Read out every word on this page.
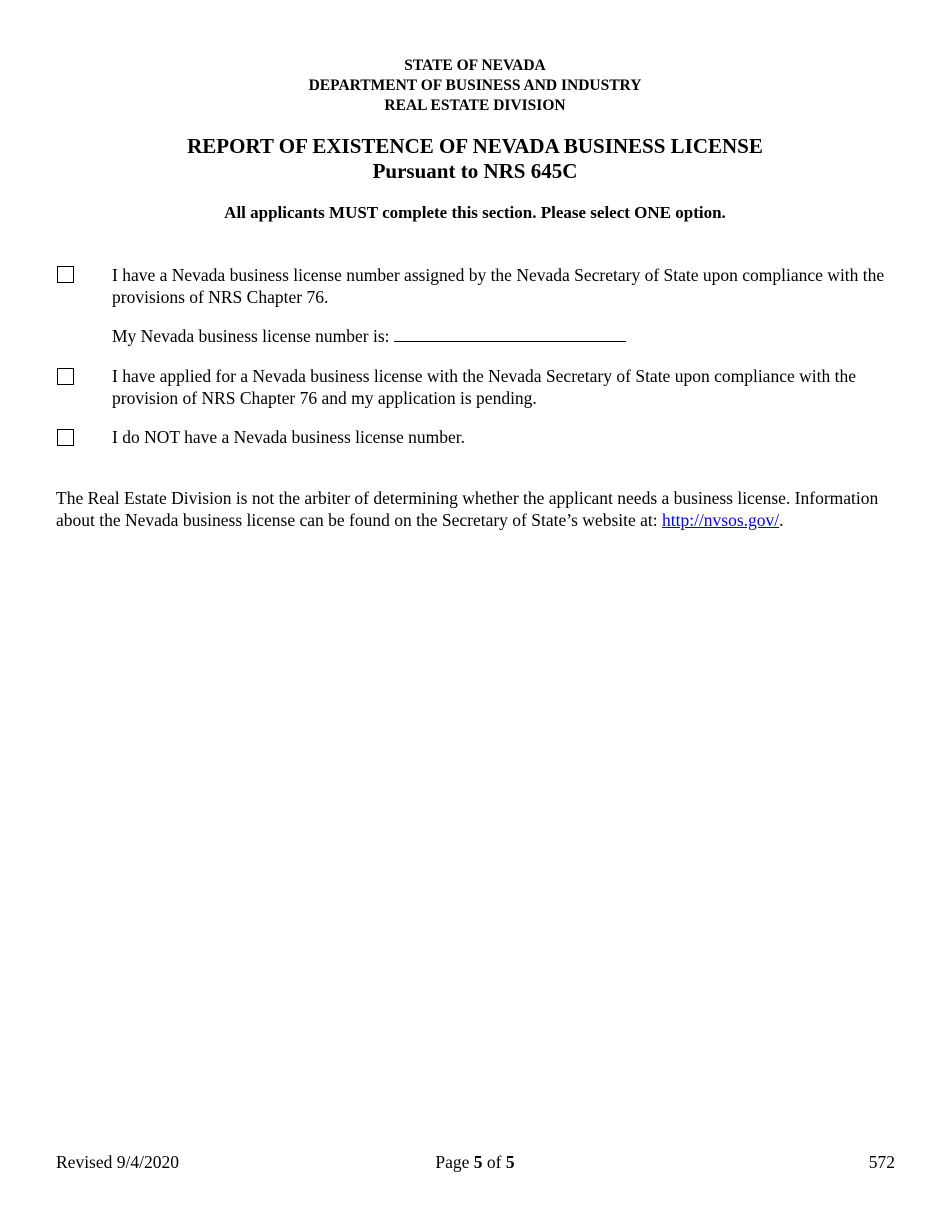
STATE OF NEVADA
DEPARTMENT OF BUSINESS AND INDUSTRY
REAL ESTATE DIVISION
REPORT OF EXISTENCE OF NEVADA BUSINESS LICENSE
Pursuant to NRS 645C
All applicants MUST complete this section. Please select ONE option.
I have a Nevada business license number assigned by the Nevada Secretary of State upon compliance with the provisions of NRS Chapter 76.
My Nevada business license number is:
I have applied for a Nevada business license with the Nevada Secretary of State upon compliance with the provision of NRS Chapter 76 and my application is pending.
I do NOT have a Nevada business license number.
The Real Estate Division is not the arbiter of determining whether the applicant needs a business license. Information about the Nevada business license can be found on the Secretary of State’s website at: http://nvsos.gov/.
Revised 9/4/2020	Page 5 of 5	572
